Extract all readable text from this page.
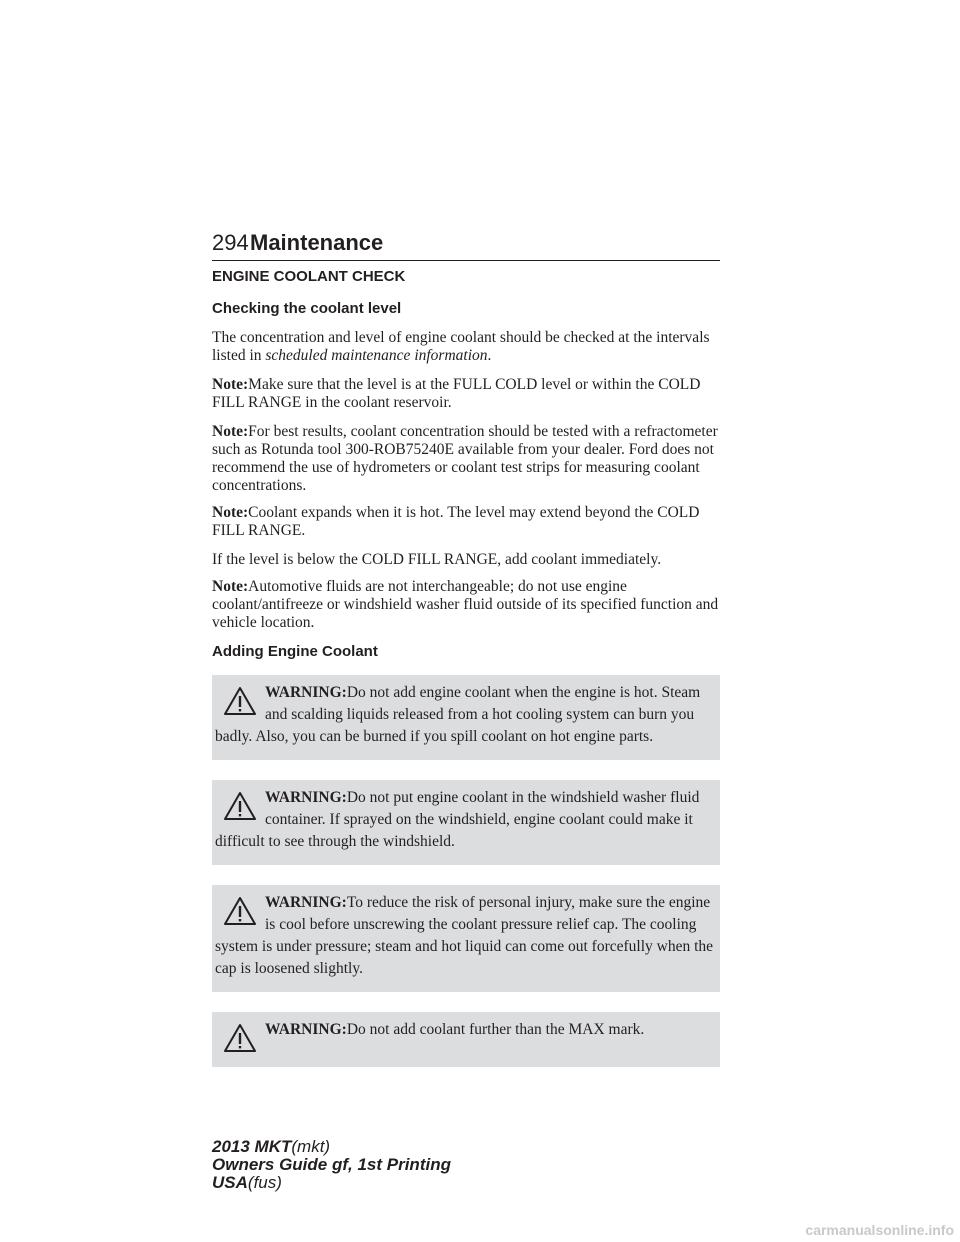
294 Maintenance
ENGINE COOLANT CHECK
Checking the coolant level
The concentration and level of engine coolant should be checked at the intervals listed in scheduled maintenance information.
Note:Make sure that the level is at the FULL COLD level or within the COLD FILL RANGE in the coolant reservoir.
Note:For best results, coolant concentration should be tested with a refractometer such as Rotunda tool 300-ROB75240E available from your dealer. Ford does not recommend the use of hydrometers or coolant test strips for measuring coolant concentrations.
Note:Coolant expands when it is hot. The level may extend beyond the COLD FILL RANGE.
If the level is below the COLD FILL RANGE, add coolant immediately.
Note:Automotive fluids are not interchangeable; do not use engine coolant/antifreeze or windshield washer fluid outside of its specified function and vehicle location.
Adding Engine Coolant
WARNING:Do not add engine coolant when the engine is hot. Steam and scalding liquids released from a hot cooling system can burn you badly. Also, you can be burned if you spill coolant on hot engine parts.
WARNING:Do not put engine coolant in the windshield washer fluid container. If sprayed on the windshield, engine coolant could make it difficult to see through the windshield.
WARNING:To reduce the risk of personal injury, make sure the engine is cool before unscrewing the coolant pressure relief cap. The cooling system is under pressure; steam and hot liquid can come out forcefully when the cap is loosened slightly.
WARNING:Do not add coolant further than the MAX mark.
2013 MKT(mkt)
Owners Guide gf, 1st Printing
USA(fus)
carmanualsonline.info
